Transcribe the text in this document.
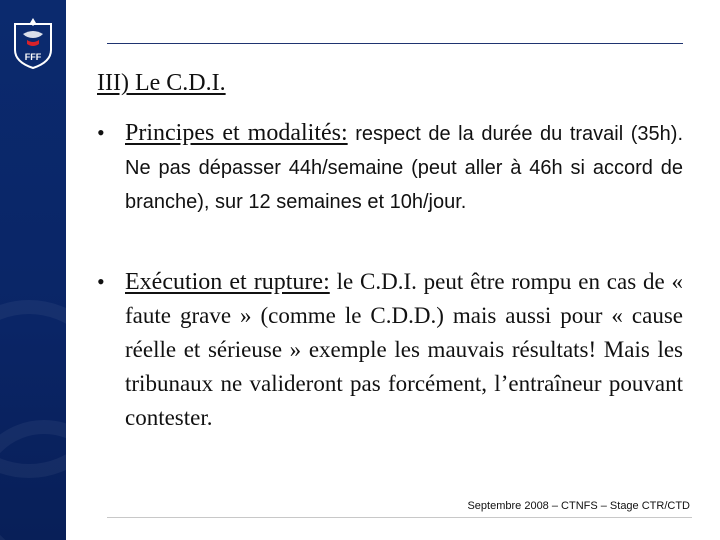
FFF
III) Le C.D.I.
• Principes et modalités: respect de la durée du travail (35h). Ne pas dépasser 44h/semaine (peut aller à 46h si accord de branche), sur 12 semaines et 10h/jour.
• Exécution et rupture: le C.D.I. peut être rompu en cas de « faute grave » (comme le C.D.D.) mais aussi pour « cause réelle et sérieuse » exemple les mauvais résultats! Mais les tribunaux ne valideront pas forcément, l’entraîneur pouvant contester.
Septembre 2008 – CTNFS – Stage CTR/CTD
